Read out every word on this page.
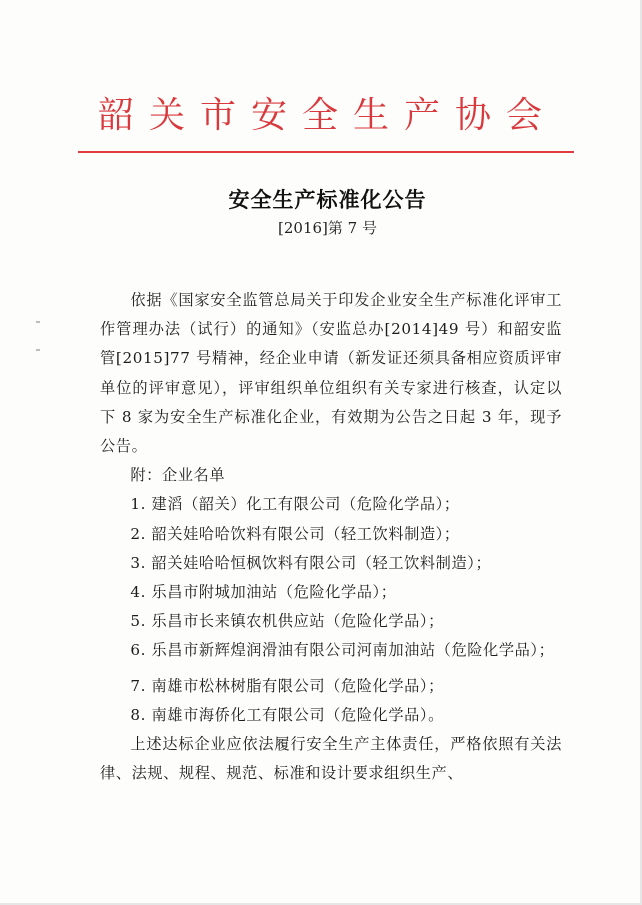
韶关市安全生产协会
安全生产标准化公告
[2016]第 7 号

依据《国家安全监管总局关于印发企业安全生产标准化评审工作管理办法（试行）的通知》（安监总办[2014]49 号）和韶安监管[2015]77 号精神，经企业申请（新发证还须具备相应资质评审单位的评审意见），评审组织单位组织有关专家进行核查，认定以下 8 家为安全生产标准化企业，有效期为公告之日起 3 年，现予公告。

附：企业名单

1. 建滔（韶关）化工有限公司（危险化学品）；

2. 韶关娃哈哈饮料有限公司（轻工饮料制造）；

3. 韶关娃哈哈恒枫饮料有限公司（轻工饮料制造）；

4. 乐昌市附城加油站（危险化学品）；

5. 乐昌市长来镇农机供应站（危险化学品）；

6. 乐昌市新辉煌润滑油有限公司河南加油站（危险化学品）；

7. 南雄市松林树脂有限公司（危险化学品）；

8. 南雄市海侨化工有限公司（危险化学品）。

上述达标企业应依法履行安全生产主体责任，严格依照有关法律、法规、规程、规范、标准和设计要求组织生产、
